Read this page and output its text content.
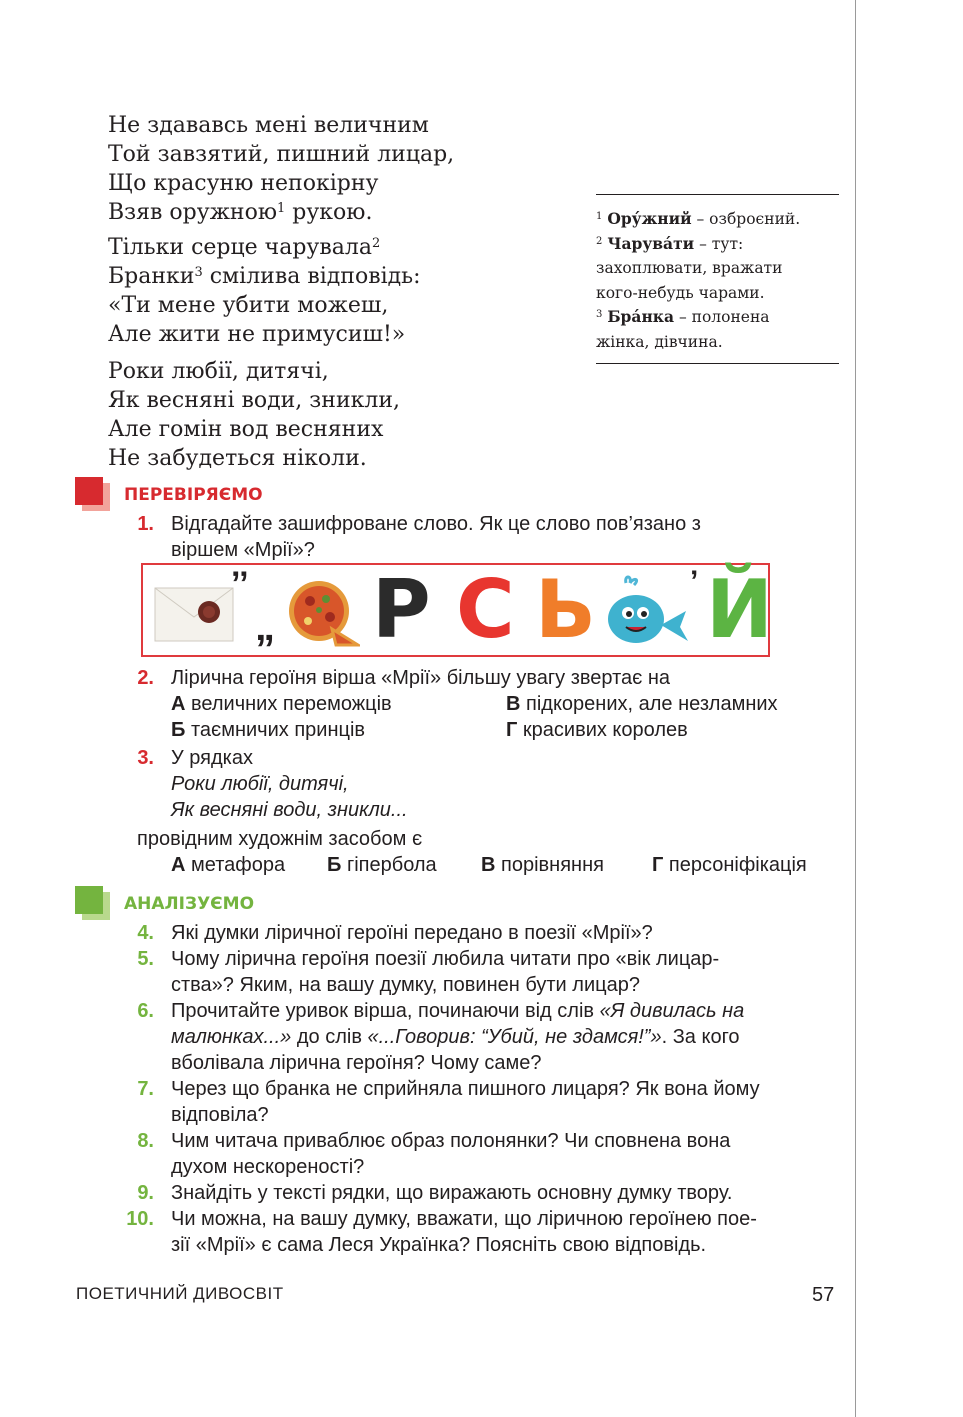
Не здававсь мені величним
Той завзятий, пишний лицар,
Що красуню непокірну
Взяв оружною$^1$ рукою.
Тільки серце чарувала$^2$
Бранки$^3$ смілива відповідь:
«Ти мене убити можеш,
Але жити не примусиш!»
Роки любії, дитячі,
Як весняні води, зникли,
Але гомін вод весняних
Не забудеться ніколи.
$^1$ Ору́жний – озброєний.
$^2$ Чарува́ти – тут:
захоплювати, вражати
кого-небудь чарами.
$^3$ Бра́нка – полонена
жінка, дівчина.
ПЕРЕВІРЯЄМО
1. Відгадайте зашифроване слово. Як це слово пов’язано з
віршем «Мрії»?
’’
„ Р С Ь	’ Й
2. Лірична героїня вірша «Мрії» більшу увагу звертає на
А величних переможців	В підкорених, але незламних
Б таємничих принців	Г красивих королев
3. У рядках
Роки любії, дитячі,
Як весняні води, зникли...
провідним художнім засобом є
А метафора Б гіпербола В порівняння Г персоніфікація
АНАЛІЗУЄМО
4. Які думки ліричної героїні передано в поезії «Мрії»?
5. Чому лірична героїня поезії любила читати про «вік лицар-
ства»? Яким, на вашу думку, повинен бути лицар?
6. Прочитайте уривок вірша, починаючи від слів «Я дивилась на
малюнках...» до слів «...Говорив: “Убий, не здамся!”». За кого
вболівала лірична героїня? Чому саме?
7. Через що бранка не сприйняла пишного лицаря? Як вона йому
відповіла?
8. Чим читача приваблює образ полонянки? Чи сповнена вона
духом нескореності?
9. Знайдіть у тексті рядки, що виражають основну думку твору.
10. Чи можна, на вашу думку, вважати, що ліричною героїнею пое-
зії «Мрії» є сама Леся Українка? Поясніть свою відповідь.
ПОЕТИЧНИЙ ДИВОСВІТ	57
